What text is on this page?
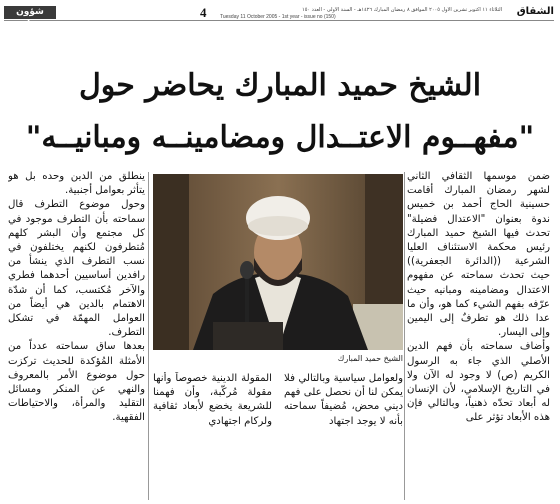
شؤون محلية
4	الثلاثاء ١١ أكتوبر تشرين الأول ٢٠٠٥ الموافق ٨ رمضان المبارك ١٤٢٦هـ - السنة الأولى - العدد ١٥٠
Tuesday 11 October 2005 - 1st year - issue no (150)	الشقاق
الشيخ حميد المبارك يحاضر حول
"مفهــوم الاعتــدال ومضامينــه ومبانيــه"
الشيخ حميد المبارك

ضمن موسمها الثقافي الثاني لشهر رمضان المبارك أقامت حسينية الحاج أحمد بن خميس ندوة بعنوان "الاعتدال فضيلة" تحدث فيها الشيخ حميد المبارك رئيس محكمة الاستئناف العليا الشرعية ((الدائرة الجعفرية)) حيث تحدث سماحته عن مفهوم الاعتدال ومضامينه ومبانيه حيث عرّفه بفهم الشيء كما هو، وأن ما عدا ذلك هو تطرفٌ إلى اليمين وإلى اليسار.

وأضاف سماحته بأن فهم الدين الأصلي الذي جاء به الرسول الكريم (ص) لا وجود له الآن ولا في التاريخ الإسلامي، لأن الإنسان له أبعاد تحدّه ذهنياً، وبالتالي فإن هذه الأبعاد تؤثر على

المقولة الدينية خصوصاً وأنها مقولة مُركّبة، وأن فهمنا للشريعة يخضع لأبعاد ثقافية ولركام اجتهادي
ولعوامل سياسية وبالتالي فلا يمكن لنا أن نحصل على فهم ديني محض، مُضيفاً سماحته بأنه لا يوجد اجتهاد

ينطلق من الدين وحده بل هو يتأثر بعوامل أجنبية.

وحول موضوع التطرف قال سماحته بأن التطرف موجود في كل مجتمع وأن البشر كلهم مُتطرفون لكنهم يختلفون في نسب التطرف الذي ينشأ من رافدين أساسيين أحدهما فطري والآخر مُكتسب، كما أن شدّة الاهتمام بالدين هي أيضاً من العوامل المهمّة في تشكل التطرف.

بعدها ساق سماحته عدداً من الأمثلة المُؤكدة للحديث تركزت حول موضوع الأمر بالمعروف والنهي عن المنكر ومسائل التقليد والمرأة، والاحتياطات الفقهية.
